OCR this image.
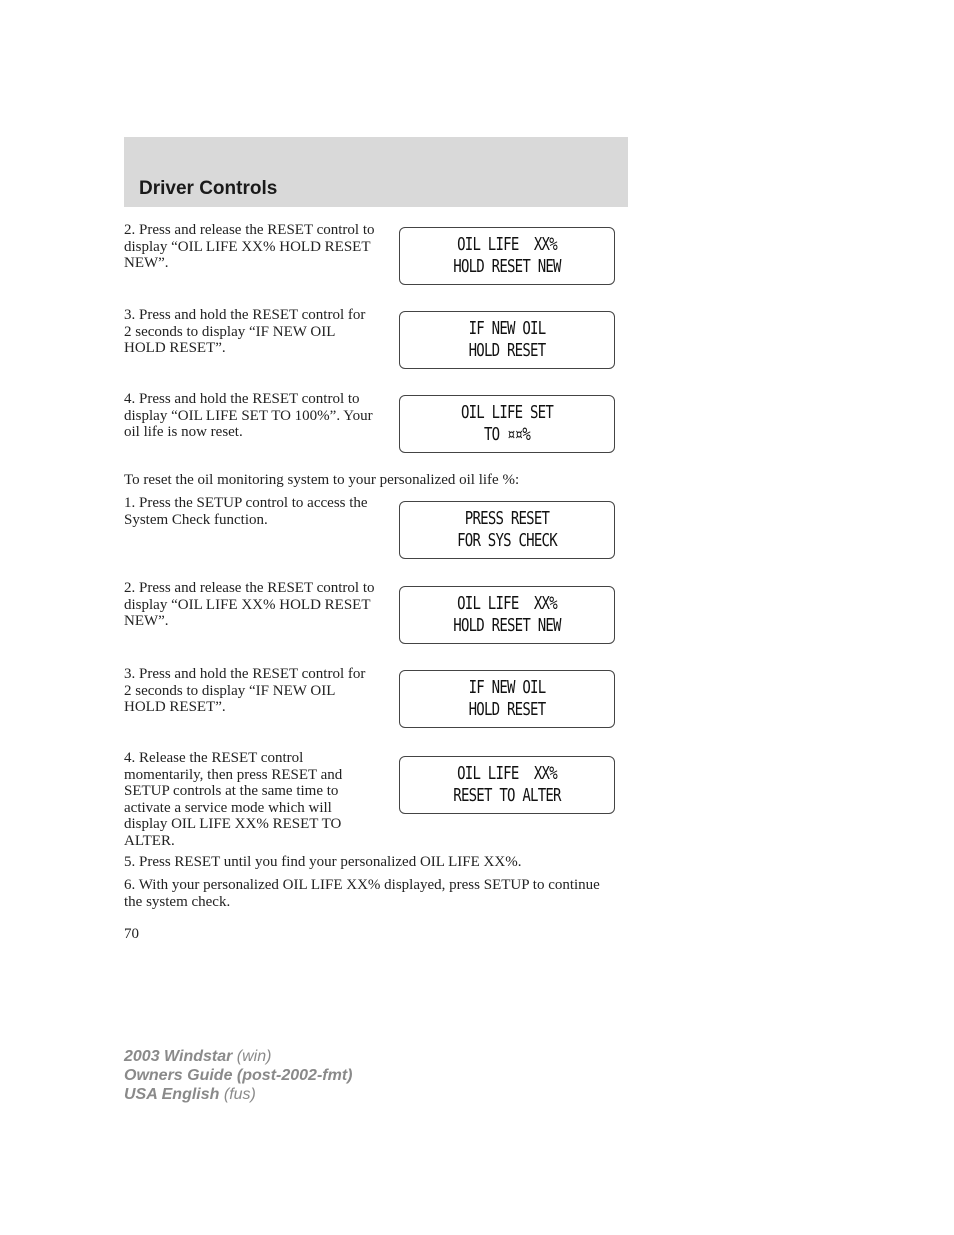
Driver Controls

2. Press and release the RESET control to display “OIL LIFE XX% HOLD RESET NEW”.

OIL LIFE  XX%
HOLD RESET NEW

3. Press and hold the RESET control for 2 seconds to display “IF NEW OIL HOLD RESET”.

IF NEW OIL
HOLD RESET

4. Press and hold the RESET control to display “OIL LIFE SET TO 100%”. Your oil life is now reset.

OIL LIFE SET
TO ¤¤%

To reset the oil monitoring system to your personalized oil life %:

1. Press the SETUP control to access the System Check function.	PRESS RESET
FOR SYS CHECK

2. Press and release the RESET control to display “OIL LIFE XX% HOLD RESET NEW”.

OIL LIFE  XX%
HOLD RESET NEW

3. Press and hold the RESET control for 2 seconds to display “IF NEW OIL HOLD RESET”.

IF NEW OIL
HOLD RESET

4. Release the RESET control momentarily, then press RESET and SETUP controls at the same time to activate a service mode which will display OIL LIFE XX% RESET TO ALTER.

OIL LIFE  XX%
RESET TO ALTER

5. Press RESET until you find your personalized OIL LIFE XX%.

6. With your personalized OIL LIFE XX% displayed, press SETUP to continue the system check.

70

2003 Windstar (win)
Owners Guide (post-2002-fmt)
USA English (fus)
